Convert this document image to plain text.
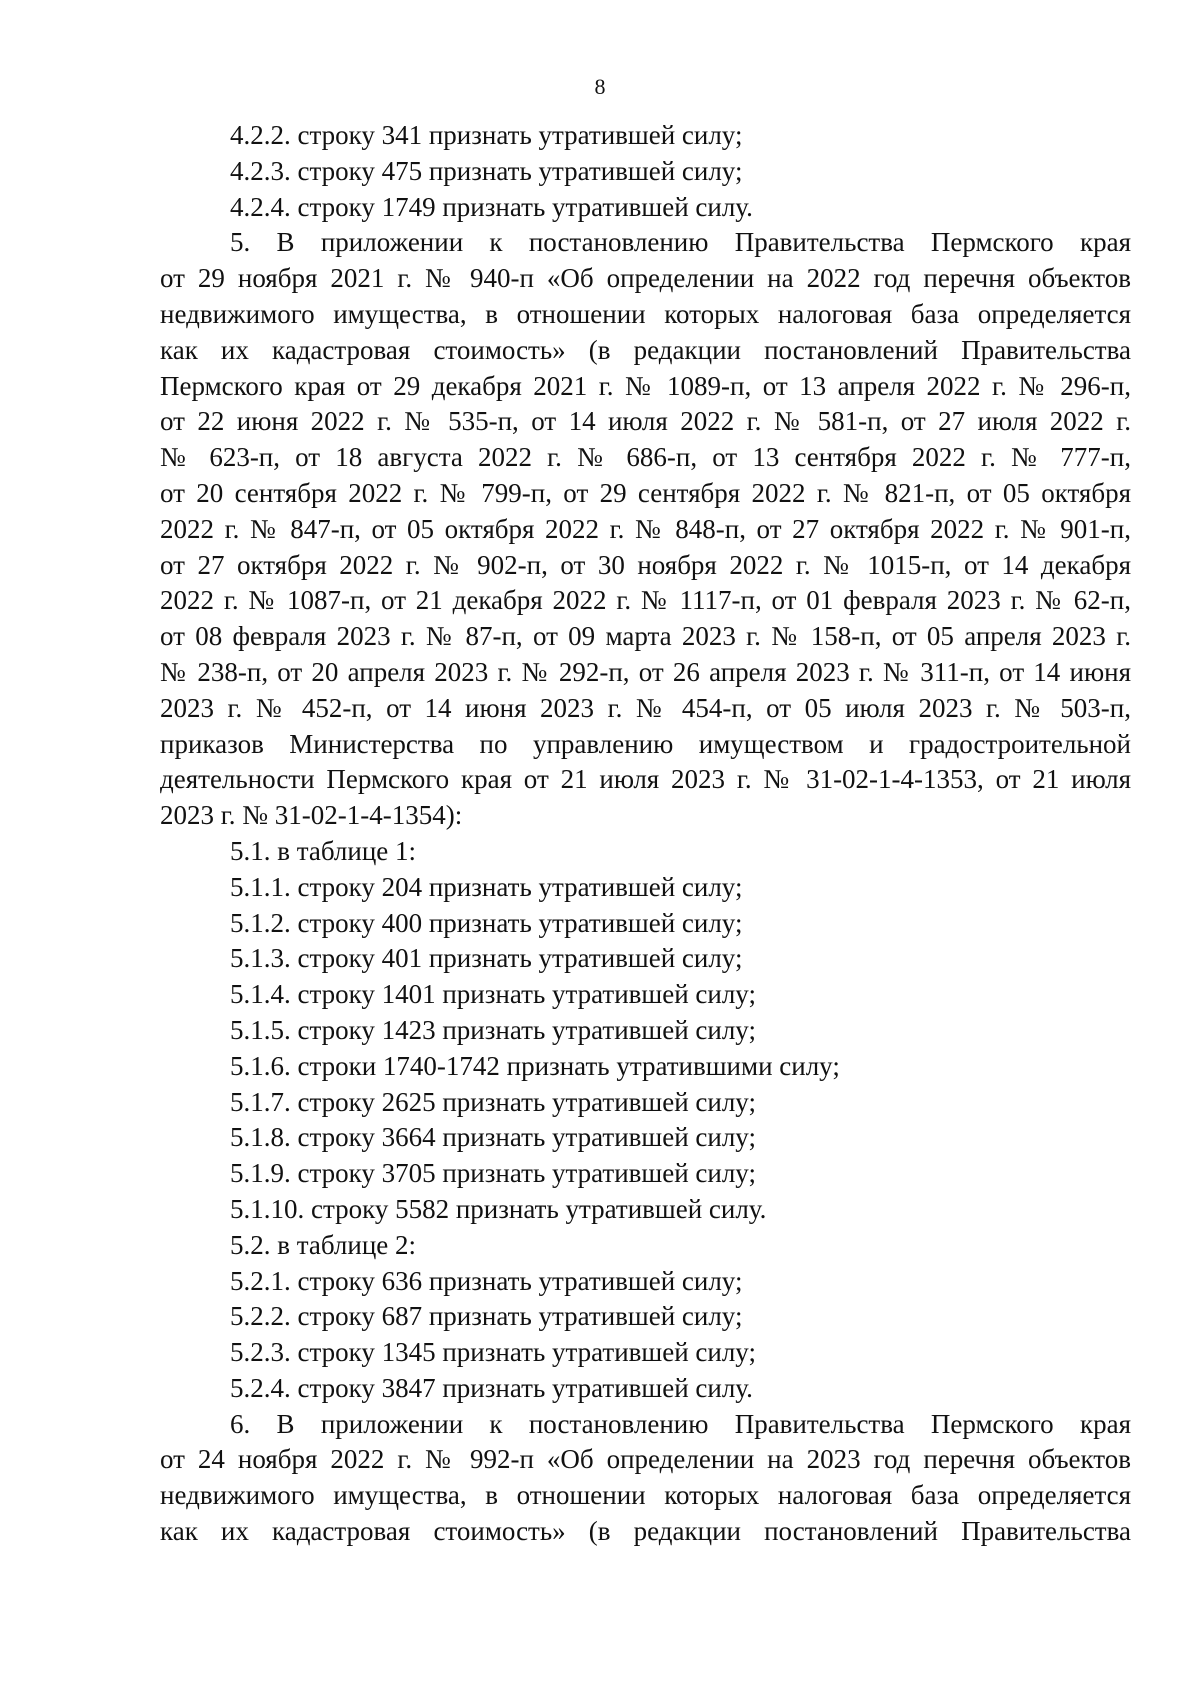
8
4.2.2. строку 341 признать утратившей силу;
4.2.3. строку 475 признать утратившей силу;
4.2.4. строку 1749 признать утратившей силу.
5. В приложении к постановлению Правительства Пермского края
от 29 ноября 2021 г. № 940-п «Об определении на 2022 год перечня объектов
недвижимого имущества, в отношении которых налоговая база определяется
как их кадастровая стоимость» (в редакции постановлений Правительства
Пермского края от 29 декабря 2021 г. № 1089-п, от 13 апреля 2022 г. № 296-п,
от 22 июня 2022 г. № 535-п, от 14 июля 2022 г. № 581-п, от 27 июля 2022 г.
№ 623-п, от 18 августа 2022 г. № 686-п, от 13 сентября 2022 г. № 777-п,
от 20 сентября 2022 г. № 799-п, от 29 сентября 2022 г. № 821-п, от 05 октября
2022 г. № 847-п, от 05 октября 2022 г. № 848-п, от 27 октября 2022 г. № 901-п,
от 27 октября 2022 г. № 902-п, от 30 ноября 2022 г. № 1015-п, от 14 декабря
2022 г. № 1087-п, от 21 декабря 2022 г. № 1117-п, от 01 февраля 2023 г. № 62-п,
от 08 февраля 2023 г. № 87-п, от 09 марта 2023 г. № 158-п, от 05 апреля 2023 г.
№ 238-п, от 20 апреля 2023 г. № 292-п, от 26 апреля 2023 г. № 311-п, от 14 июня
2023 г. № 452-п, от 14 июня 2023 г. № 454-п, от 05 июля 2023 г. № 503-п,
приказов Министерства по управлению имуществом и градостроительной
деятельности Пермского края от 21 июля 2023 г. № 31-02-1-4-1353, от 21 июля
2023 г. № 31-02-1-4-1354):
5.1. в таблице 1:
5.1.1. строку 204 признать утратившей силу;
5.1.2. строку 400 признать утратившей силу;
5.1.3. строку 401 признать утратившей силу;
5.1.4. строку 1401 признать утратившей силу;
5.1.5. строку 1423 признать утратившей силу;
5.1.6. строки 1740-1742 признать утратившими силу;
5.1.7. строку 2625 признать утратившей силу;
5.1.8. строку 3664 признать утратившей силу;
5.1.9. строку 3705 признать утратившей силу;
5.1.10. строку 5582 признать утратившей силу.
5.2. в таблице 2:
5.2.1. строку 636 признать утратившей силу;
5.2.2. строку 687 признать утратившей силу;
5.2.3. строку 1345 признать утратившей силу;
5.2.4. строку 3847 признать утратившей силу.
6. В приложении к постановлению Правительства Пермского края
от 24 ноября 2022 г. № 992-п «Об определении на 2023 год перечня объектов
недвижимого имущества, в отношении которых налоговая база определяется
как их кадастровая стоимость» (в редакции постановлений Правительства
